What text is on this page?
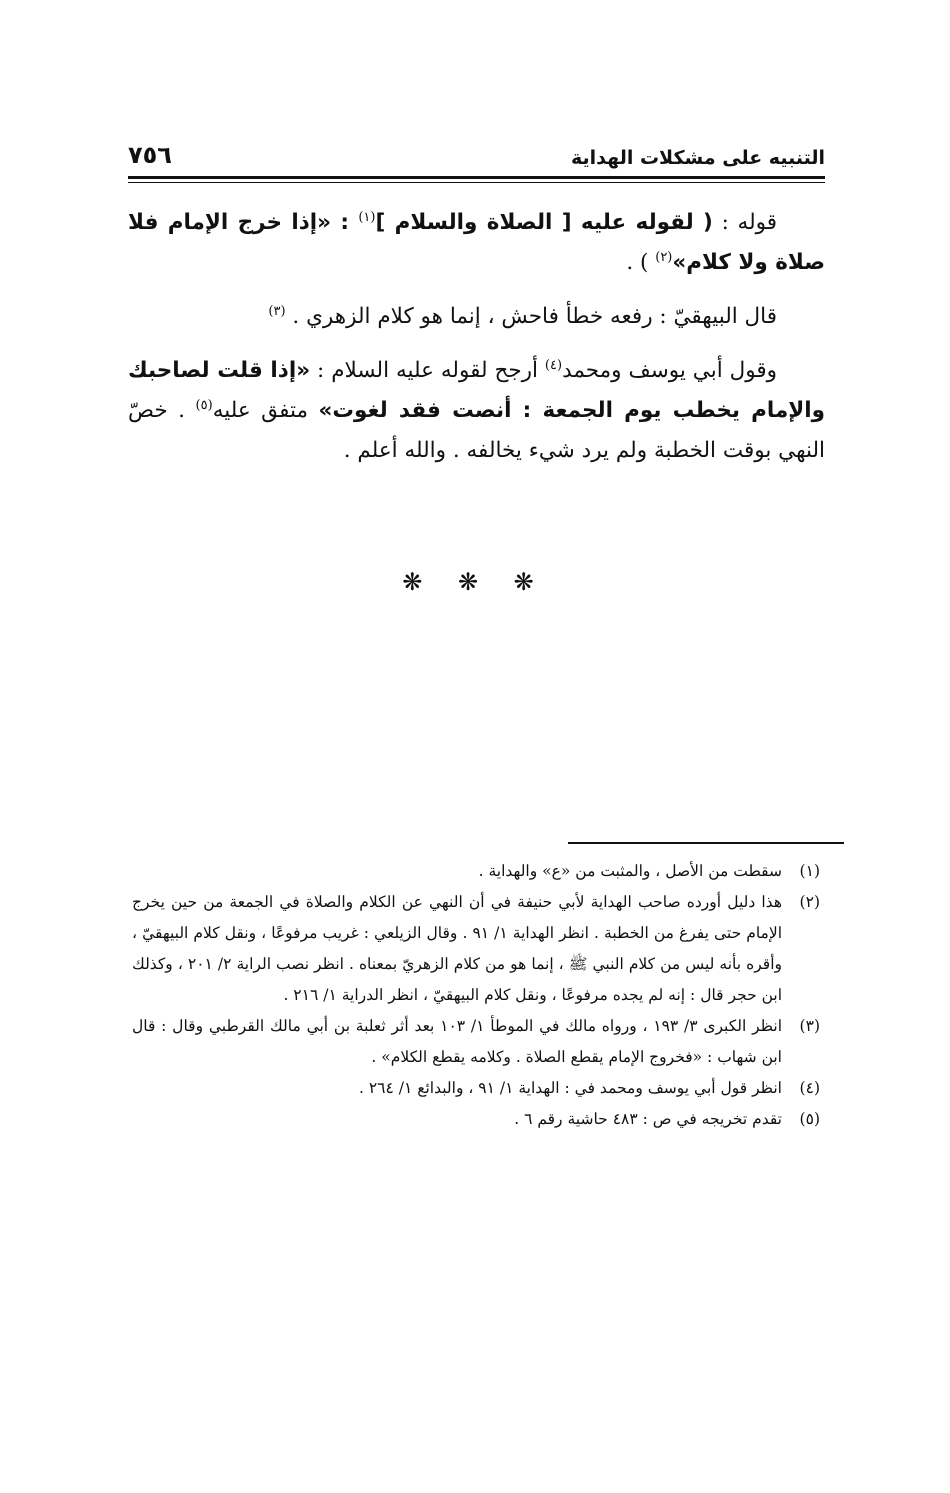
التنبيه على مشكلات الهداية
٧٥٦

قوله : ( لقوله عليه [ الصلاة والسلام ]$^{(١)}$ : «إذا خرج الإمام فلا صلاة ولا كلام»$^{(٢)}$ ) .

قال البيهقيّ : رفعه خطأ فاحش ، إنما هو كلام الزهري . $^{(٣)}$

وقول أبي يوسف ومحمد$^{(٤)}$ أرجح لقوله عليه السلام : «إذا قلت لصاحبك والإمام يخطب يوم الجمعة : أنصت فقد لغوت» متفق عليه$^{(٥)}$ . خصّ النهي بوقت الخطبة ولم يرد شيء يخالفه . والله أعلم .

❋ ❋ ❋
(١)
سقطت من الأصل ، والمثبت من «ع» والهداية .
(٢)
هذا دليل أورده صاحب الهداية لأبي حنيفة في أن النهي عن الكلام والصلاة في الجمعة من حين يخرج الإمام حتى يفرغ من الخطبة . انظر الهداية ١/ ٩١ . وقال الزيلعي : غريب مرفوعًا ، ونقل كلام البيهقيّ ، وأقره بأنه ليس من كلام النبي ﷺ ، إنما هو من كلام الزهريّ بمعناه . انظر نصب الراية ٢/ ٢٠١ ، وكذلك ابن حجر قال : إنه لم يجده مرفوعًا ، ونقل كلام البيهقيّ ، انظر الدراية ١/ ٢١٦ .
(٣)
انظر الكبرى ٣/ ١٩٣ ، ورواه مالك في الموطأ ١/ ١٠٣ بعد أثر ثعلبة بن أبي مالك القرطبي وقال : قال ابن شهاب : «فخروج الإمام يقطع الصلاة . وكلامه يقطع الكلام» .
(٤)
انظر قول أبي يوسف ومحمد في : الهداية ١/ ٩١ ، والبدائع ١/ ٢٦٤ .
(٥)
تقدم تخريجه في ص : ٤٨٣ حاشية رقم ٦ .
